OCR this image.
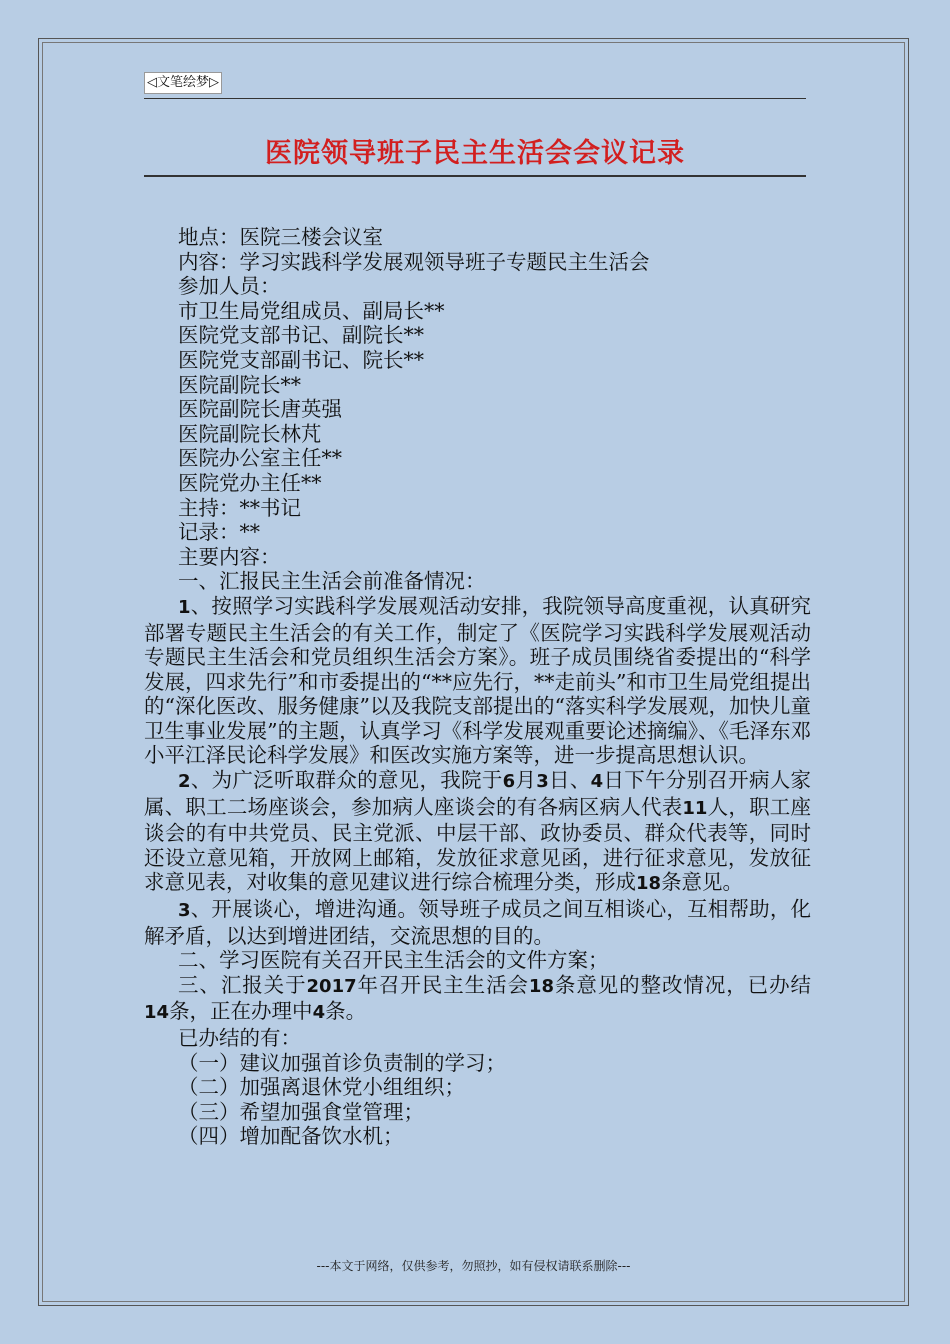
◁文笔绘梦▷
医院领导班子民主生活会会议记录

地点：医院三楼会议室

内容：学习实践科学发展观领导班子专题民主生活会

参加人员：

市卫生局党组成员、副局长**

医院党支部书记、副院长**

医院党支部副书记、院长**

医院副院长**

医院副院长唐英强

医院副院长林芃

医院办公室主任**

医院党办主任**

主持：**书记

记录：**

主要内容：

一、汇报民主生活会前准备情况：

1、按照学习实践科学发展观活动安排，我院领导高度重视，认真研究部署专题民主生活会的有关工作，制定了《医院学习实践科学发展观活动专题民主生活会和党员组织生活会方案》。班子成员围绕省委提出的“科学发展，四求先行”和市委提出的“**应先行，**走前头”和市卫生局党组提出的“深化医改、服务健康”以及我院支部提出的“落实科学发展观，加快儿童卫生事业发展”的主题，认真学习《科学发展观重要论述摘编》、《毛泽东邓小平江泽民论科学发展》和医改实施方案等，进一步提高思想认识。

2、为广泛听取群众的意见，我院于6月3日、4日下午分别召开病人家属、职工二场座谈会，参加病人座谈会的有各病区病人代表11人，职工座谈会的有中共党员、民主党派、中层干部、政协委员、群众代表等，同时还设立意见箱，开放网上邮箱，发放征求意见函，进行征求意见，发放征求意见表，对收集的意见建议进行综合梳理分类，形成18条意见。

3、开展谈心，增进沟通。领导班子成员之间互相谈心，互相帮助，化解矛盾，以达到增进团结，交流思想的目的。

二、学习医院有关召开民主生活会的文件方案；

三、汇报关于2017年召开民主生活会18条意见的整改情况，已办结14条，正在办理中4条。

已办结的有：

（一）建议加强首诊负责制的学习；

（二）加强离退休党小组组织；

（三）希望加强食堂管理；

（四）增加配备饮水机；

---本文于网络，仅供参考，勿照抄，如有侵权请联系删除---
